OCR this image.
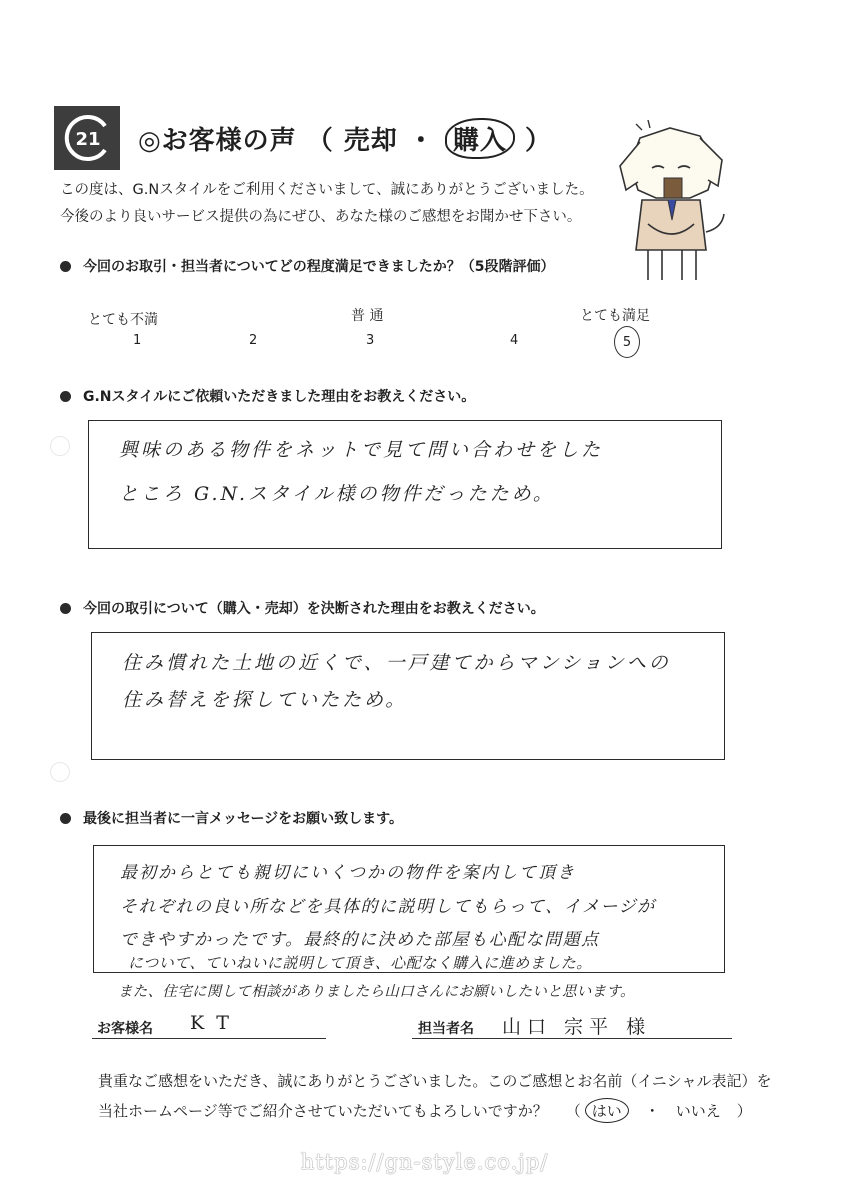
21 ◎お客様の声 （ 売却 ・ 購入 ）
この度は、G.Nスタイルをご利用くださいまして、誠にありがとうございました。
今後のより良いサービス提供の為にぜひ、あなた様のご感想をお聞かせ下さい。
今回のお取引・担当者についてどの程度満足できましたか？（5段階評価）
とても不満	普 通	とても満足
1	2	3	4	5
G.Nスタイルにご依頼いただきました理由をお教えください。
興味のある物件をネットで見て問い合わせをした
ところ G.N.スタイル様の物件だったため。
今回の取引について（購入・売却）を決断された理由をお教えください。
住み慣れた土地の近くで、一戸建てからマンションへの
住み替えを探していたため。
最後に担当者に一言メッセージをお願い致します。
最初からとても親切にいくつかの物件を案内して頂き
それぞれの良い所などを具体的に説明してもらって、イメージが
できやすかったです。最終的に決めた部屋も心配な問題点
について、ていねいに説明して頂き、心配なく購入に進めました。
また、住宅に関して相談がありましたら山口さんにお願いしたいと思います。
お客様名 K T	担当者名 山口 宗平 様
貴重なご感想をいただき、誠にありがとうございました。このご感想とお名前（イニシャル表記）を
当社ホームページ等でご紹介させていただいてもよろしいですか？ （ はい	・ いいえ ）
https://gn-style.co.jp/
